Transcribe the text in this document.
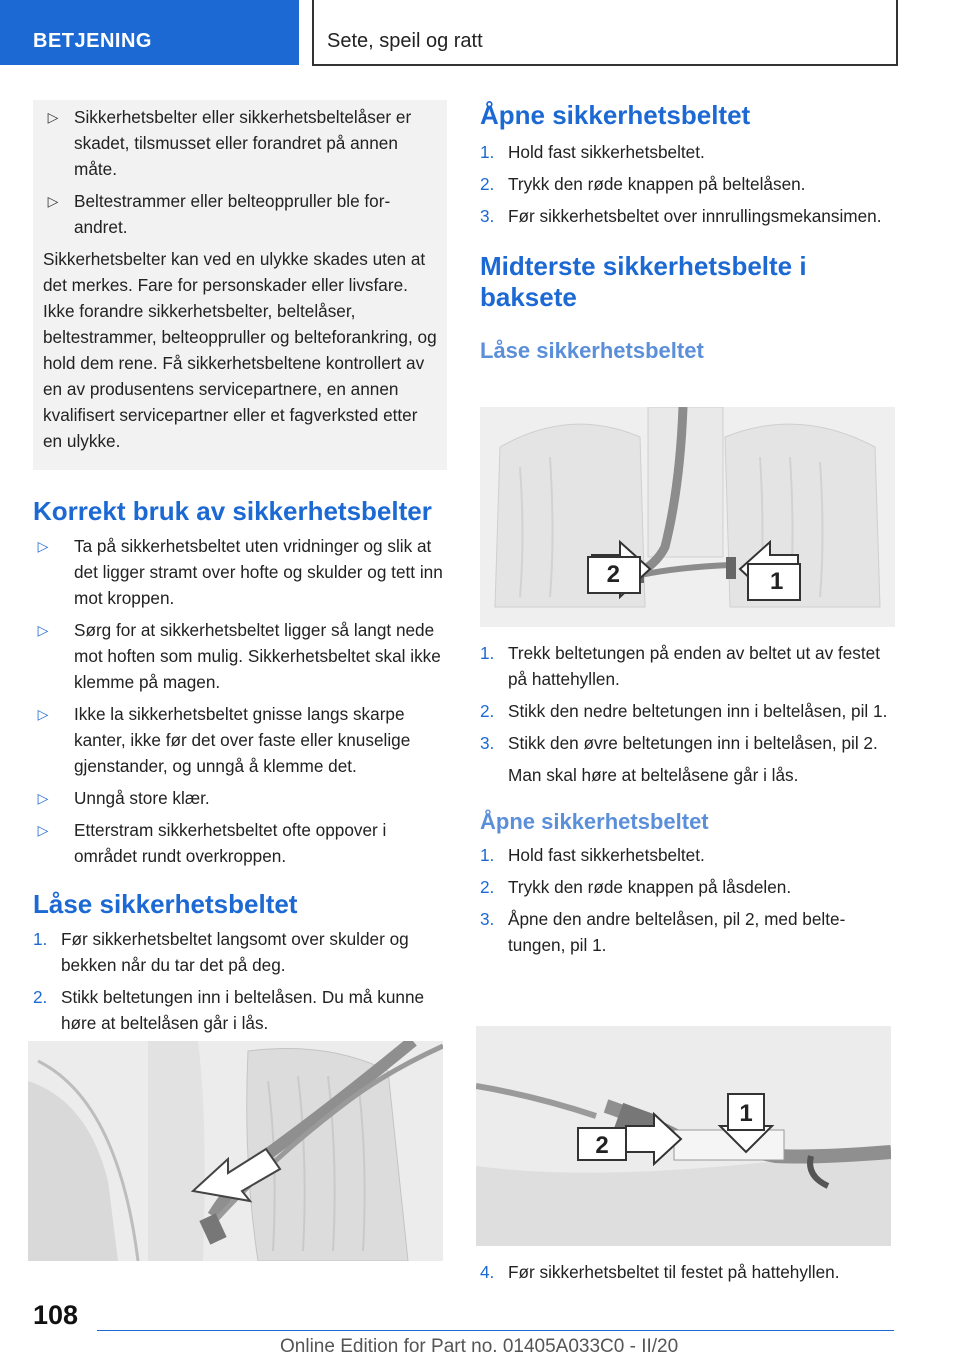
BETJENING	Sete, speil og ratt
▷ Sikkerhetsbelter eller sikkerhetsbeltelåser er skadet, tilsmusset eller forandret på annen måte.
▷ Beltestrammer eller belteoppruller ble forandret.

Sikkerhetsbelter kan ved en ulykke skades uten at det merkes. Fare for personskader eller livsfare. Ikke forandre sikkerhetsbelter, beltelåser, beltestrammer, belteoppruller og belteforankring, og hold dem rene. Få sikkerhetsbeltene kontrollert av en av produsentens servicepartnere, en annen kvalifisert servicepartner eller et fagverksted etter en ulykke.

Korrekt bruk av sikkerhetsbelter
▷ Ta på sikkerhetsbeltet uten vridninger og slik at det ligger stramt over hofte og skulder og tett inn mot kroppen.
▷ Sørg for at sikkerhetsbeltet ligger så langt nede mot hoften som mulig. Sikkerhetsbeltet skal ikke klemme på magen.
▷ Ikke la sikkerhetsbeltet gnisse langs skarpe kanter, ikke før det over faste eller knuselige gjenstander, og unngå å klemme det.
▷ Unngå store klær.
▷ Etterstram sikkerhetsbeltet ofte oppover i området rundt overkroppen.
Låse sikkerhetsbeltet
1. Før sikkerhetsbeltet langsomt over skulder og bekken når du tar det på deg.
2. Stikk beltetungen inn i beltelåsen. Du må kunne høre at beltelåsen går i lås.
Åpne sikkerhetsbeltet
1. Hold fast sikkerhetsbeltet.
2. Trykk den røde knappen på beltelåsen.
3. Før sikkerhetsbeltet over innrullingsmekansimen.
Midterste sikkerhetsbelte i baksete
Låse sikkerhetsbeltet
2	1
1. Trekk beltetungen på enden av beltet ut av festet på hattehyllen.
2. Stikk den nedre beltetungen inn i beltelåsen, pil 1.
3. Stikk den øvre beltetungen inn i beltelåsen, pil 2.

Man skal høre at beltelåsene går i lås.

Åpne sikkerhetsbeltet
1. Hold fast sikkerhetsbeltet.
2. Trykk den røde knappen på låsdelen.
3. Åpne den andre beltelåsen, pil 2, med beltetungen, pil 1.
2
1
4. Før sikkerhetsbeltet til festet på hattehyllen.
108
Online Edition for Part no. 01405A033C0 - II/20
